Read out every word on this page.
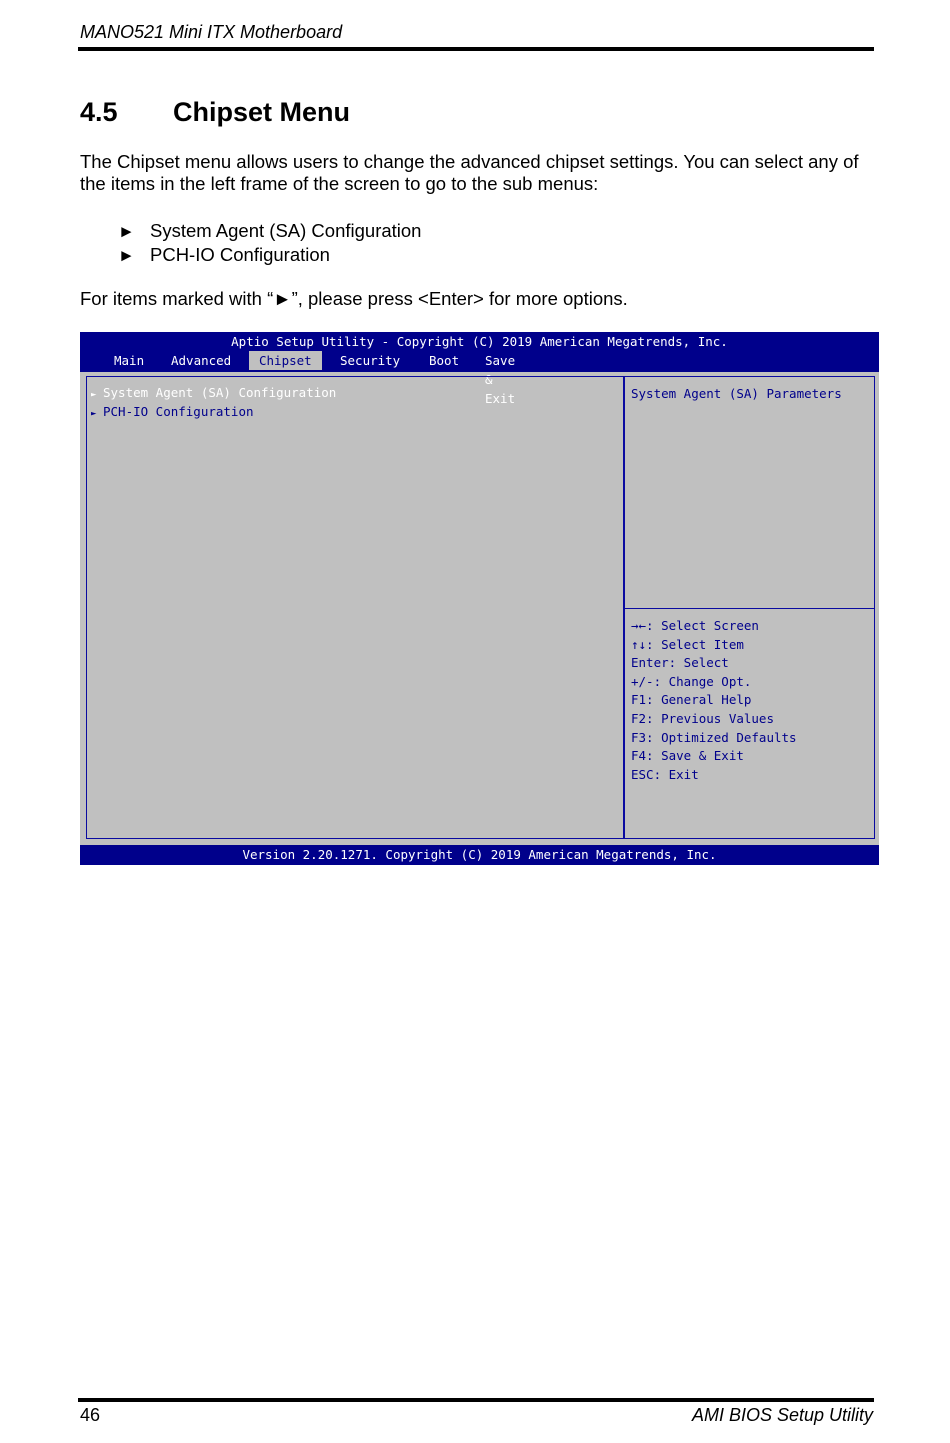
MANO521 Mini ITX Motherboard
4.5 Chipset Menu
The Chipset menu allows users to change the advanced chipset settings. You can select any of the items in the left frame of the screen to go to the sub menus:
► System Agent (SA) Configuration
► PCH-IO Configuration
For items marked with “►”, please press <Enter> for more options.
Aptio Setup Utility - Copyright (C) 2019 American Megatrends, Inc.
Main Advanced	Chipset	Security Boot Save & Exit
► System Agent (SA) Configuration
► PCH-IO Configuration
System Agent (SA) Parameters
→←: Select Screen
↑↓: Select Item
Enter: Select
+/-: Change Opt.
F1: General Help
F2: Previous Values
F3: Optimized Defaults
F4: Save & Exit
ESC: Exit
Version 2.20.1271. Copyright (C) 2019 American Megatrends, Inc.
46	AMI BIOS Setup Utility
